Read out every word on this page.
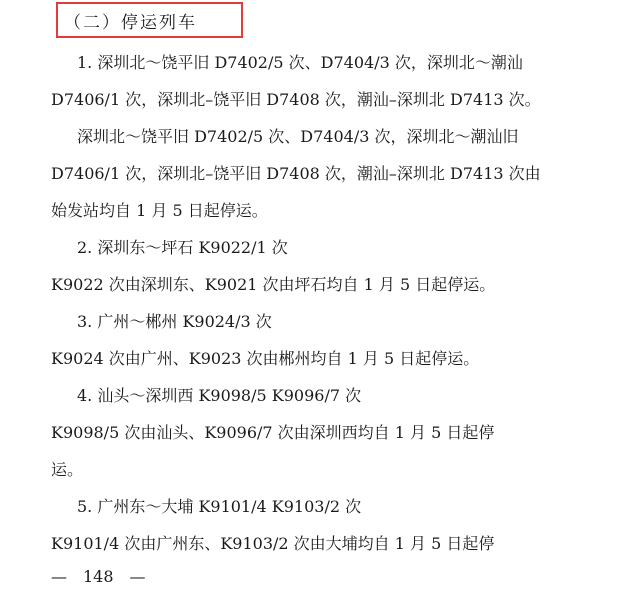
（二）停运列车
1. 深圳北～饶平旧 D7402/5 次、D7404/3 次，深圳北～潮汕
D7406/1 次，深圳北–饶平旧 D7408 次，潮汕–深圳北 D7413 次。
深圳北～饶平旧 D7402/5 次、D7404/3 次，深圳北～潮汕旧
D7406/1 次，深圳北–饶平旧 D7408 次，潮汕–深圳北 D7413 次由
始发站均自 1 月 5 日起停运。
2. 深圳东～坪石 K9022/1 次
K9022 次由深圳东、K9021 次由坪石均自 1 月 5 日起停运。
3. 广州～郴州 K9024/3 次
K9024 次由广州、K9023 次由郴州均自 1 月 5 日起停运。
4. 汕头～深圳西 K9098/5 K9096/7 次
K9098/5 次由汕头、K9096/7 次由深圳西均自 1 月 5 日起停
运。
5. 广州东～大埔 K9101/4 K9103/2 次
K9101/4 次由广州东、K9103/2 次由大埔均自 1 月 5 日起停
—　148　—
